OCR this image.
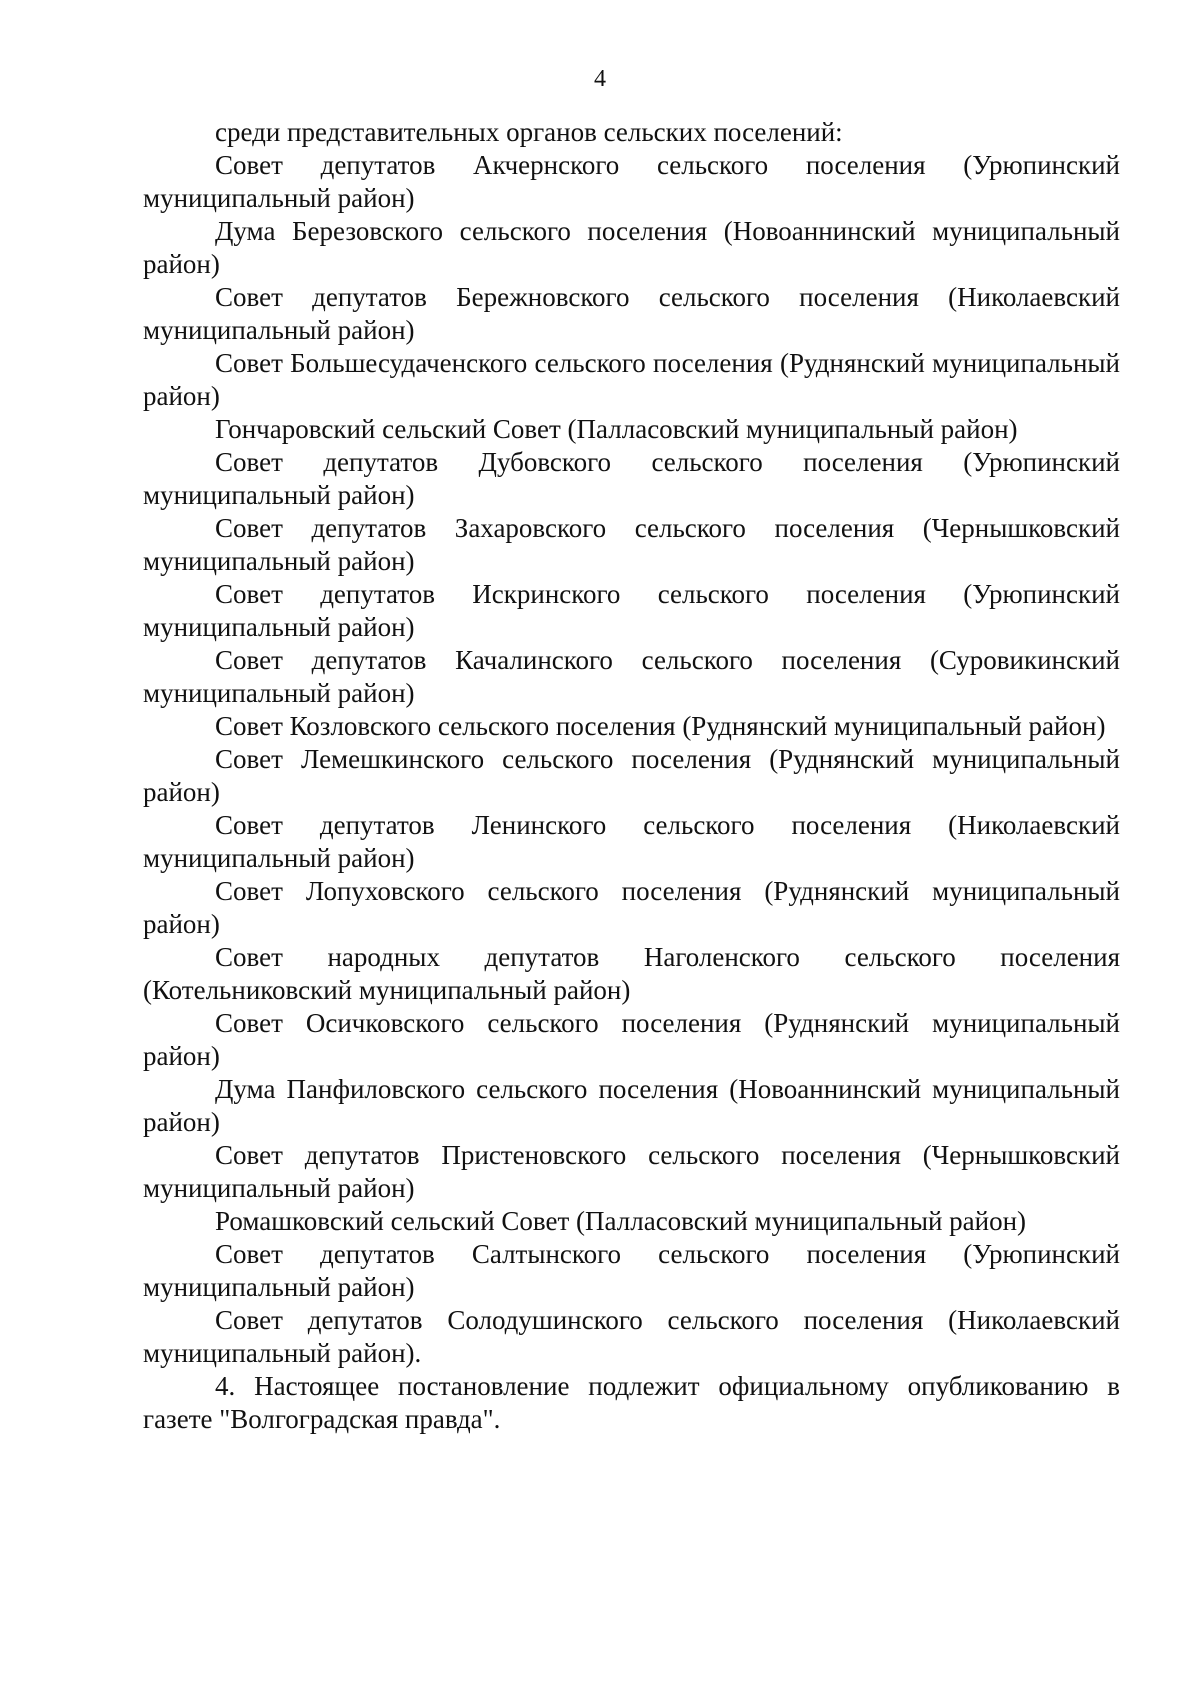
4

среди представительных органов сельских поселений:

Совет депутатов Акчернского сельского поселения (Урюпинский муниципальный район)

Дума Березовского сельского поселения (Новоаннинский муниципальный район)

Совет депутатов Бережновского сельского поселения (Николаевский муниципальный район)

Совет Большесудаченского сельского поселения (Руднянский муниципальный район)

Гончаровский сельский Совет (Палласовский муниципальный район)

Совет депутатов Дубовского сельского поселения (Урюпинский муниципальный район)

Совет депутатов Захаровского сельского поселения (Чернышковский муниципальный район)

Совет депутатов Искринского сельского поселения (Урюпинский муниципальный район)

Совет депутатов Качалинского сельского поселения (Суровикинский муниципальный район)

Совет Козловского сельского поселения (Руднянский муниципальный район)

Совет Лемешкинского сельского поселения (Руднянский муниципальный район)

Совет депутатов Ленинского сельского поселения (Николаевский муниципальный район)

Совет Лопуховского сельского поселения (Руднянский муниципальный район)

Совет народных депутатов Наголенского сельского поселения (Котельниковский муниципальный район)

Совет Осичковского сельского поселения (Руднянский муниципальный район)

Дума Панфиловского сельского поселения (Новоаннинский муниципальный район)

Совет депутатов Пристеновского сельского поселения (Чернышковский муниципальный район)

Ромашковский сельский Совет (Палласовский муниципальный район)

Совет депутатов Салтынского сельского поселения (Урюпинский муниципальный район)

Совет депутатов Солодушинского сельского поселения (Николаевский муниципальный район).

4. Настоящее постановление подлежит официальному опубликованию в газете "Волгоградская правда".
